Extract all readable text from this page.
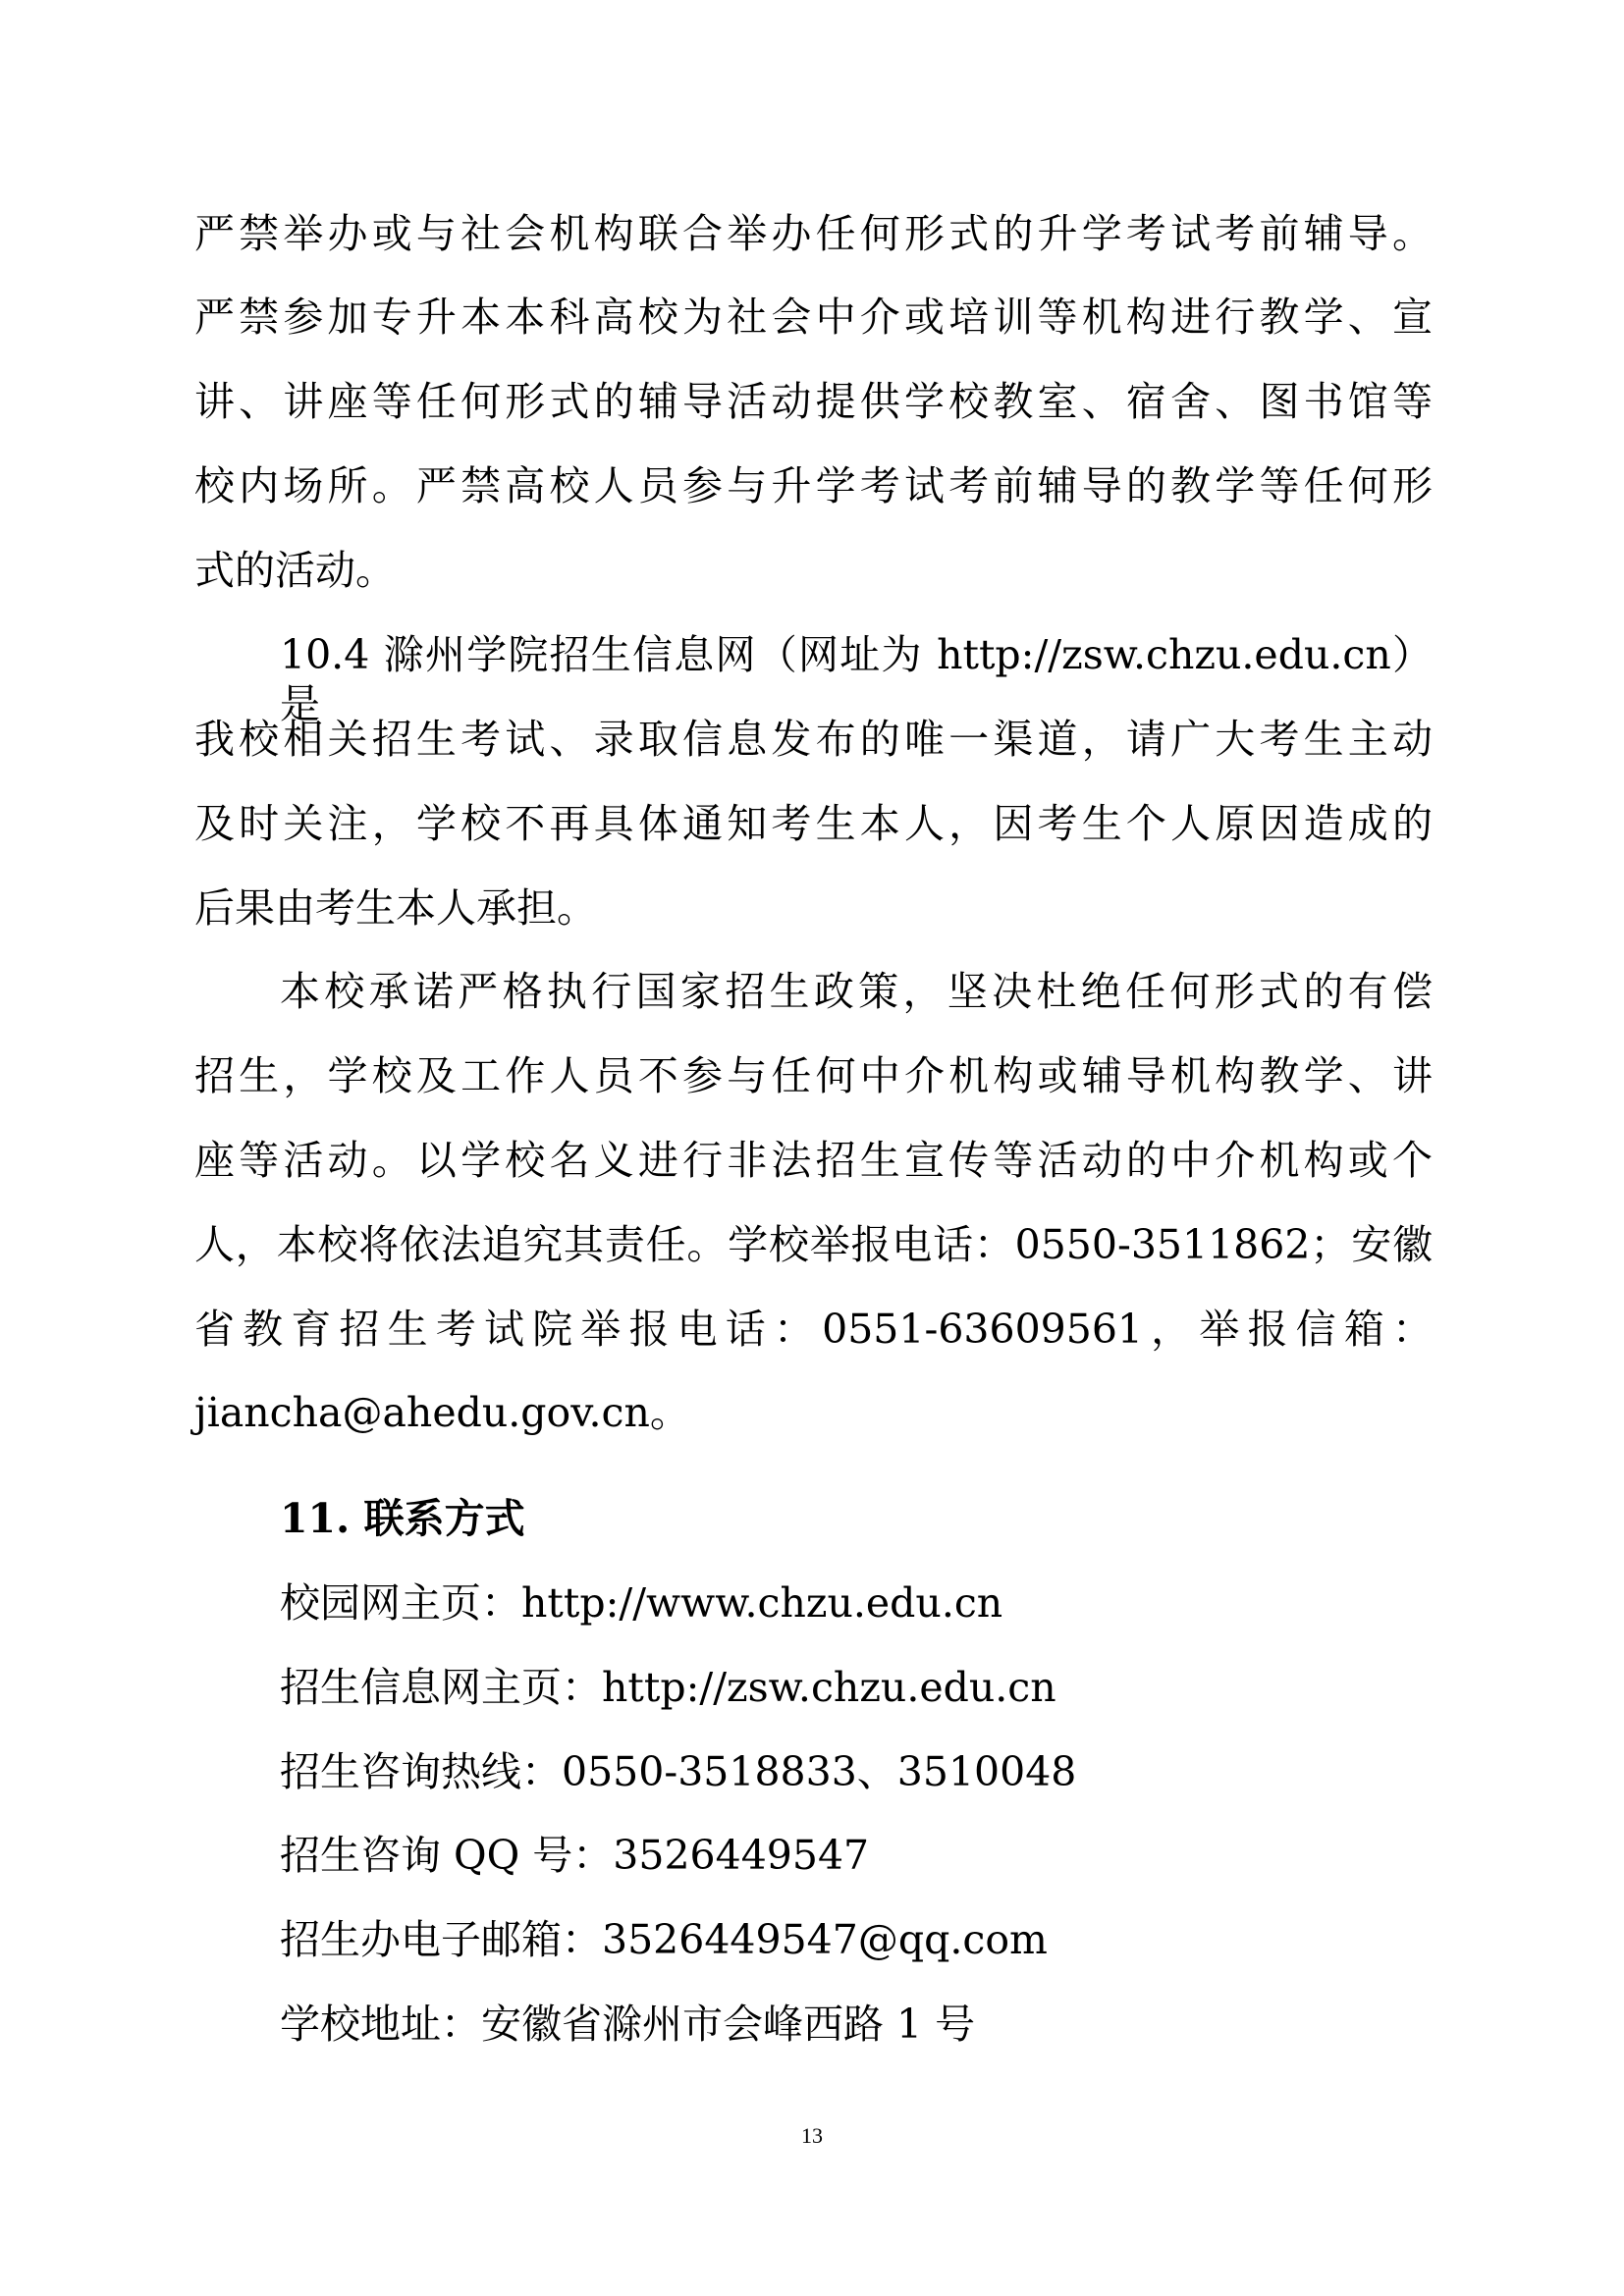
严禁举办或与社会机构联合举办任何形式的升学考试考前辅导。
严禁参加专升本本科高校为社会中介或培训等机构进行教学、宣
讲、讲座等任何形式的辅导活动提供学校教室、宿舍、图书馆等
校内场所。严禁高校人员参与升学考试考前辅导的教学等任何形
式的活动。
10.4 滁州学院招生信息网（网址为 http://zsw.chzu.edu.cn）是
我校相关招生考试、录取信息发布的唯一渠道，请广大考生主动
及时关注，学校不再具体通知考生本人，因考生个人原因造成的
后果由考生本人承担。
本校承诺严格执行国家招生政策，坚决杜绝任何形式的有偿
招生，学校及工作人员不参与任何中介机构或辅导机构教学、讲
座等活动。以学校名义进行非法招生宣传等活动的中介机构或个
人，本校将依法追究其责任。学校举报电话：0550-3511862；安徽
省教育招生考试院举报电话：0551-63609561，举报信箱：
jiancha@ahedu.gov.cn。
11. 联系方式
校园网主页：http://www.chzu.edu.cn
招生信息网主页：http://zsw.chzu.edu.cn
招生咨询热线：0550-3518833、3510048
招生咨询 QQ 号：3526449547
招生办电子邮箱：3526449547@qq.com
学校地址：安徽省滁州市会峰西路 1 号
13
